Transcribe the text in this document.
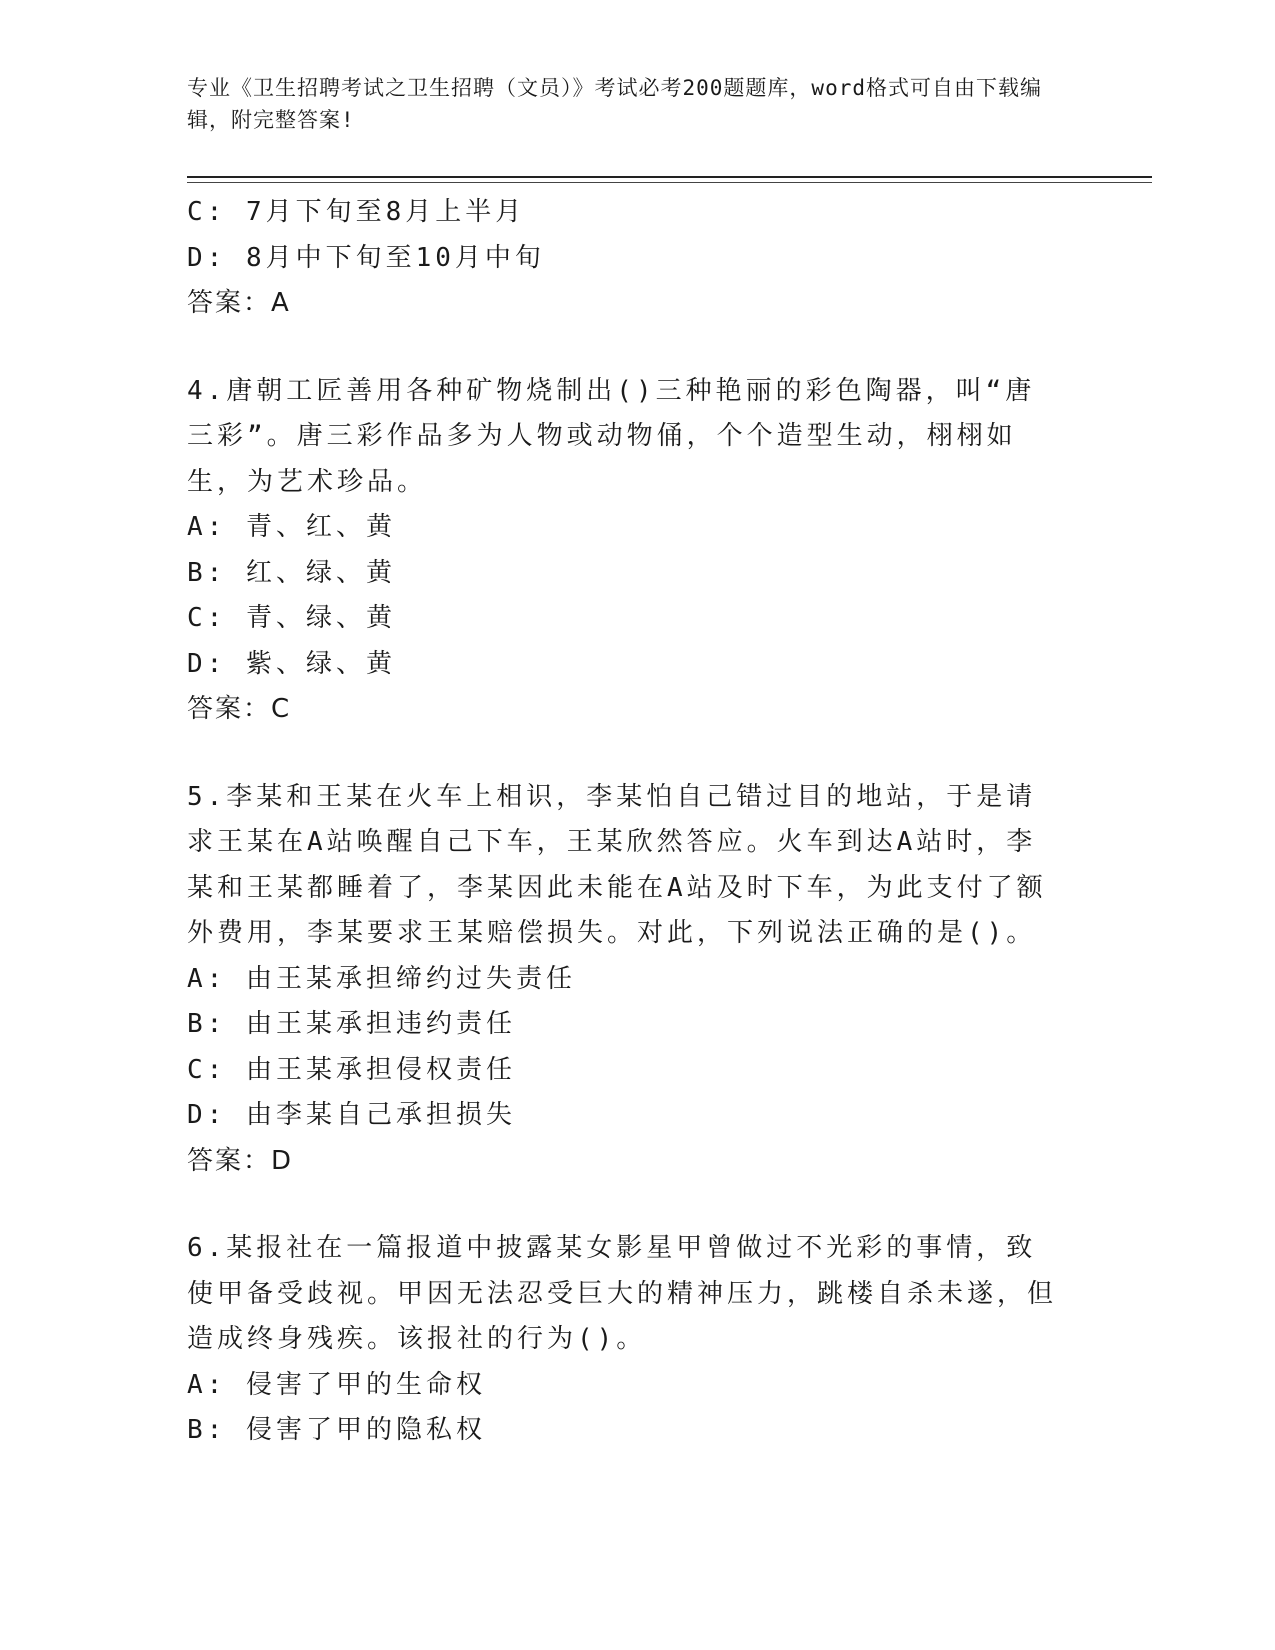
专业《卫生招聘考试之卫生招聘（文员）》考试必考200题题库，word格式可自由下载编辑，附完整答案!
C: 7月下旬至8月上半月
D: 8月中下旬至10月中旬
答案：A
4.唐朝工匠善用各种矿物烧制出()三种艳丽的彩色陶器，叫“唐三彩”。唐三彩作品多为人物或动物俑，个个造型生动，栩栩如生，为艺术珍品。
A: 青、红、黄
B: 红、绿、黄
C: 青、绿、黄
D: 紫、绿、黄
答案：C
5.李某和王某在火车上相识，李某怕自己错过目的地站，于是请求王某在A站唤醒自己下车，王某欣然答应。火车到达A站时，李某和王某都睡着了，李某因此未能在A站及时下车，为此支付了额外费用，李某要求王某赔偿损失。对此，下列说法正确的是()。
A: 由王某承担缔约过失责任
B: 由王某承担违约责任
C: 由王某承担侵权责任
D: 由李某自己承担损失
答案：D
6.某报社在一篇报道中披露某女影星甲曾做过不光彩的事情，致使甲备受歧视。甲因无法忍受巨大的精神压力，跳楼自杀未遂，但造成终身残疾。该报社的行为()。
A: 侵害了甲的生命权
B: 侵害了甲的隐私权
